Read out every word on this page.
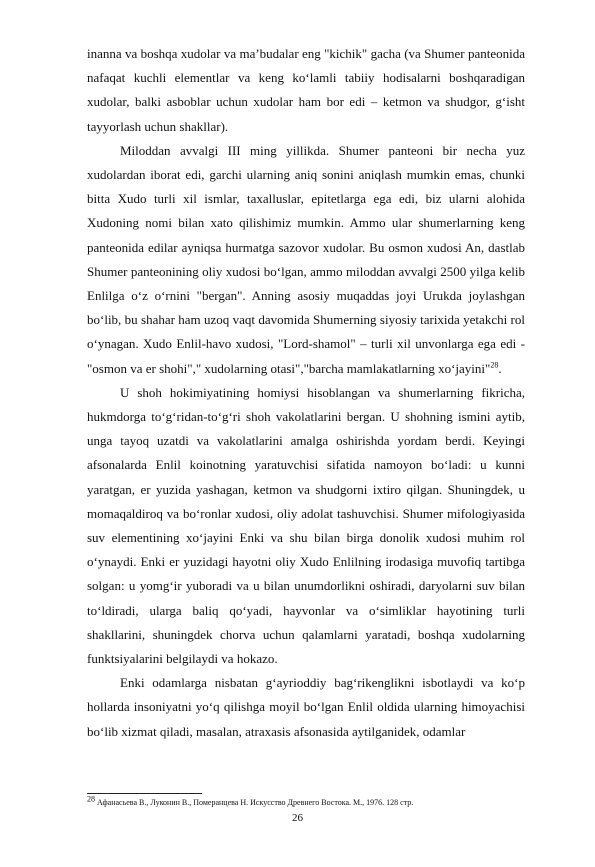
inanna va boshqa xudolar va ma’budalar eng "kichik" gacha (va Shumer panteonida nafaqat kuchli elementlar va keng ko‘lamli tabiiy hodisalarni boshqaradigan xudolar, balki asboblar uchun xudolar ham bor edi – ketmon va shudgor, g‘isht tayyorlash uchun shakllar).

Miloddan avvalgi III ming yillikda. Shumer panteoni bir necha yuz xudolardan iborat edi, garchi ularning aniq sonini aniqlash mumkin emas, chunki bitta Xudo turli xil ismlar, taxalluslar, epitetlarga ega edi, biz ularni alohida Xudoning nomi bilan xato qilishimiz mumkin. Ammo ular shumerlarning keng panteonida edilar ayniqsa hurmatga sazovor xudolar. Bu osmon xudosi An, dastlab Shumer panteonining oliy xudosi bo‘lgan, ammo miloddan avvalgi 2500 yilga kelib Enlilga o‘z o‘rnini "bergan". Anning asosiy muqaddas joyi Urukda joylashgan bo‘lib, bu shahar ham uzoq vaqt davomida Shumerning siyosiy tarixida yetakchi rol o‘ynagan. Xudo Enlil-havo xudosi, "Lord-shamol" – turli xil unvonlarga ega edi - "osmon va er shohi"," xudolarning otasi","barcha mamlakatlarning xo‘jayini"$^{28}$.

U shoh hokimiyatining homiysi hisoblangan va shumerlarning fikricha, hukmdorga to‘g‘ridan-to‘g‘ri shoh vakolatlarini bergan. U shohning ismini aytib, unga tayoq uzatdi va vakolatlarini amalga oshirishda yordam berdi. Keyingi afsonalarda Enlil koinotning yaratuvchisi sifatida namoyon bo‘ladi: u kunni yaratgan, er yuzida yashagan, ketmon va shudgorni ixtiro qilgan. Shuningdek, u momaqaldiroq va bo‘ronlar xudosi, oliy adolat tashuvchisi. Shumer mifologiyasida suv elementining xo‘jayini Enki va shu bilan birga donolik xudosi muhim rol o‘ynaydi. Enki er yuzidagi hayotni oliy Xudo Enlilning irodasiga muvofiq tartibga solgan: u yomg‘ir yuboradi va u bilan unumdorlikni oshiradi, daryolarni suv bilan to‘ldiradi, ularga baliq qo‘yadi, hayvonlar va o‘simliklar hayotining turli shakllarini, shuningdek chorva uchun qalamlarni yaratadi, boshqa xudolarning funktsiyalarini belgilaydi va hokazo.

Enki odamlarga nisbatan g‘ayrioddiy bag‘rikenglikni isbotlaydi va ko‘p hollarda insoniyatni yo‘q qilishga moyil bo‘lgan Enlil oldida ularning himoyachisi bo‘lib xizmat qiladi, masalan, atraxasis afsonasida aytilganidek, odamlar

$^{28}$ Афанасьева В., Луконин В., Померанцева Н. Искусство Древнего Востока. М., 1976. 128 стр.
26
